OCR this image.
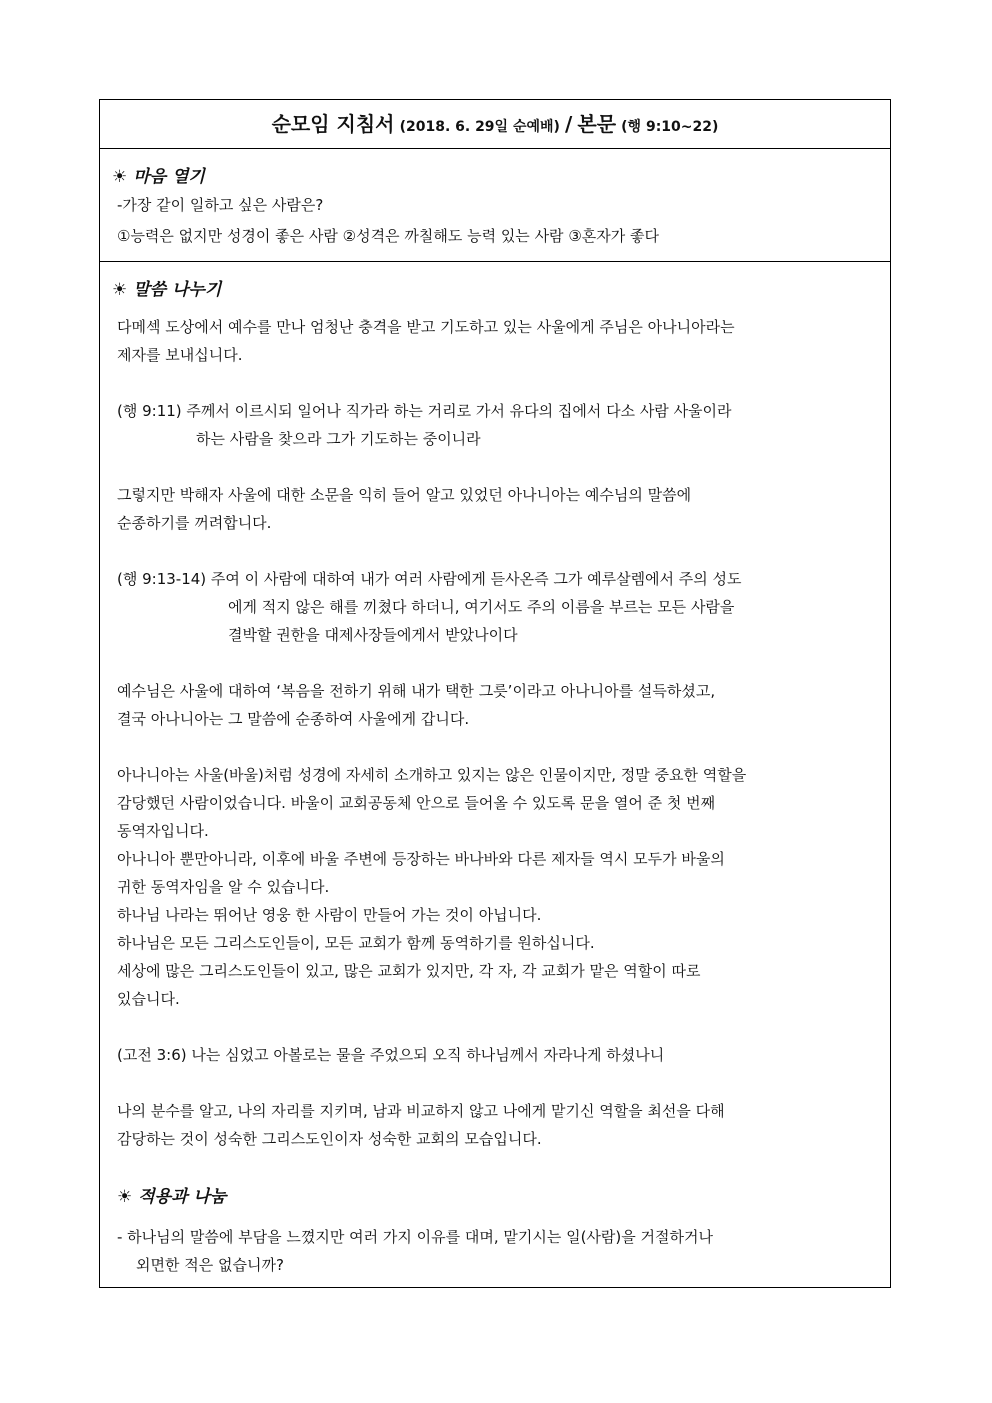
순모임 지침서 (2018. 6. 29일 순예배) / 본문 (행 9:10~22)
☀ 마음 열기
-가장 같이 일하고 싶은 사람은?
①능력은 없지만 성경이 좋은 사람 ②성격은 까칠해도 능력 있는 사람 ③혼자가 좋다
☀ 말씀 나누기
다메섹 도상에서 예수를 만나 엄청난 충격을 받고 기도하고 있는 사울에게 주님은 아나니아라는
제자를 보내십니다.
(행 9:11) 주께서 이르시되 일어나 직가라 하는 거리로 가서 유다의 집에서 다소 사람 사울이라
하는 사람을 찾으라 그가 기도하는 중이니라
그렇지만 박해자 사울에 대한 소문을 익히 들어 알고 있었던 아나니아는 예수님의 말씀에
순종하기를 꺼려합니다.
(행 9:13-14) 주여 이 사람에 대하여 내가 여러 사람에게 듣사온즉 그가 예루살렘에서 주의 성도
에게 적지 않은 해를 끼쳤다 하더니, 여기서도 주의 이름을 부르는 모든 사람을
결박할 권한을 대제사장들에게서 받았나이다
예수님은 사울에 대하여 ‘복음을 전하기 위해 내가 택한 그릇’이라고 아나니아를 설득하셨고,
결국 아나니아는 그 말씀에 순종하여 사울에게 갑니다.
아나니아는 사울(바울)처럼 성경에 자세히 소개하고 있지는 않은 인물이지만, 정말 중요한 역할을
감당했던 사람이었습니다. 바울이 교회공동체 안으로 들어올 수 있도록 문을 열어 준 첫 번째
동역자입니다.
아나니아 뿐만아니라, 이후에 바울 주변에 등장하는 바나바와 다른 제자들 역시 모두가 바울의
귀한 동역자임을 알 수 있습니다.
하나님 나라는 뛰어난 영웅 한 사람이 만들어 가는 것이 아닙니다.
하나님은 모든 그리스도인들이, 모든 교회가 함께 동역하기를 원하십니다.
세상에 많은 그리스도인들이 있고, 많은 교회가 있지만, 각 자, 각 교회가 맡은 역할이 따로
있습니다.
(고전 3:6) 나는 심었고 아볼로는 물을 주었으되 오직 하나님께서 자라나게 하셨나니
나의 분수를 알고, 나의 자리를 지키며, 남과 비교하지 않고 나에게 맡기신 역할을 최선을 다해
감당하는 것이 성숙한 그리스도인이자 성숙한 교회의 모습입니다.
☀ 적용과 나눔
- 하나님의 말씀에 부담을 느꼈지만 여러 가지 이유를 대며, 맡기시는 일(사람)을 거절하거나
외면한 적은 없습니까?
